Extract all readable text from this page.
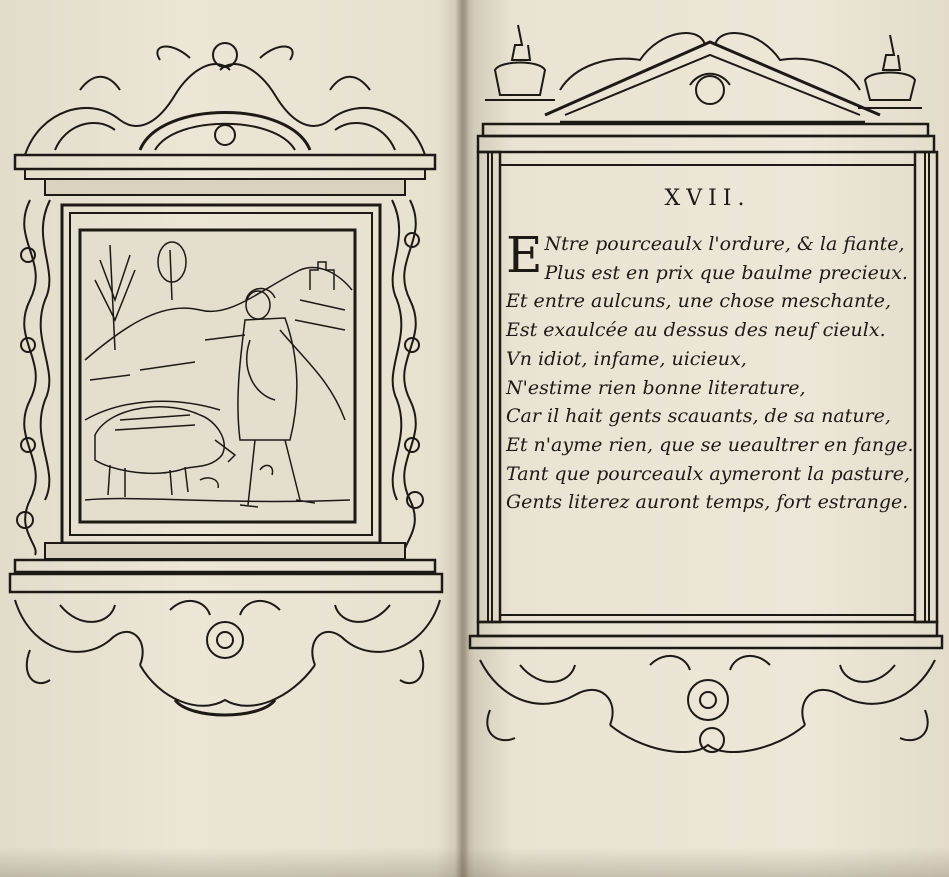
XVII.
E Ntre pourceaulx l'ordure, & la fiante,
Plus est en prix que baulme precieux.
Et entre aulcuns, une chose meschante,
Est exaulcée au dessus des neuf cieulx.
Vn idiot, infame, uicieux,
N'estime rien bonne literature,
Car il hait gents scauants, de sa nature,
Et n'ayme rien, que se ueaultrer en fange.
Tant que pourceaulx aymeront la pasture,
Gents literez auront temps, fort estrange.
